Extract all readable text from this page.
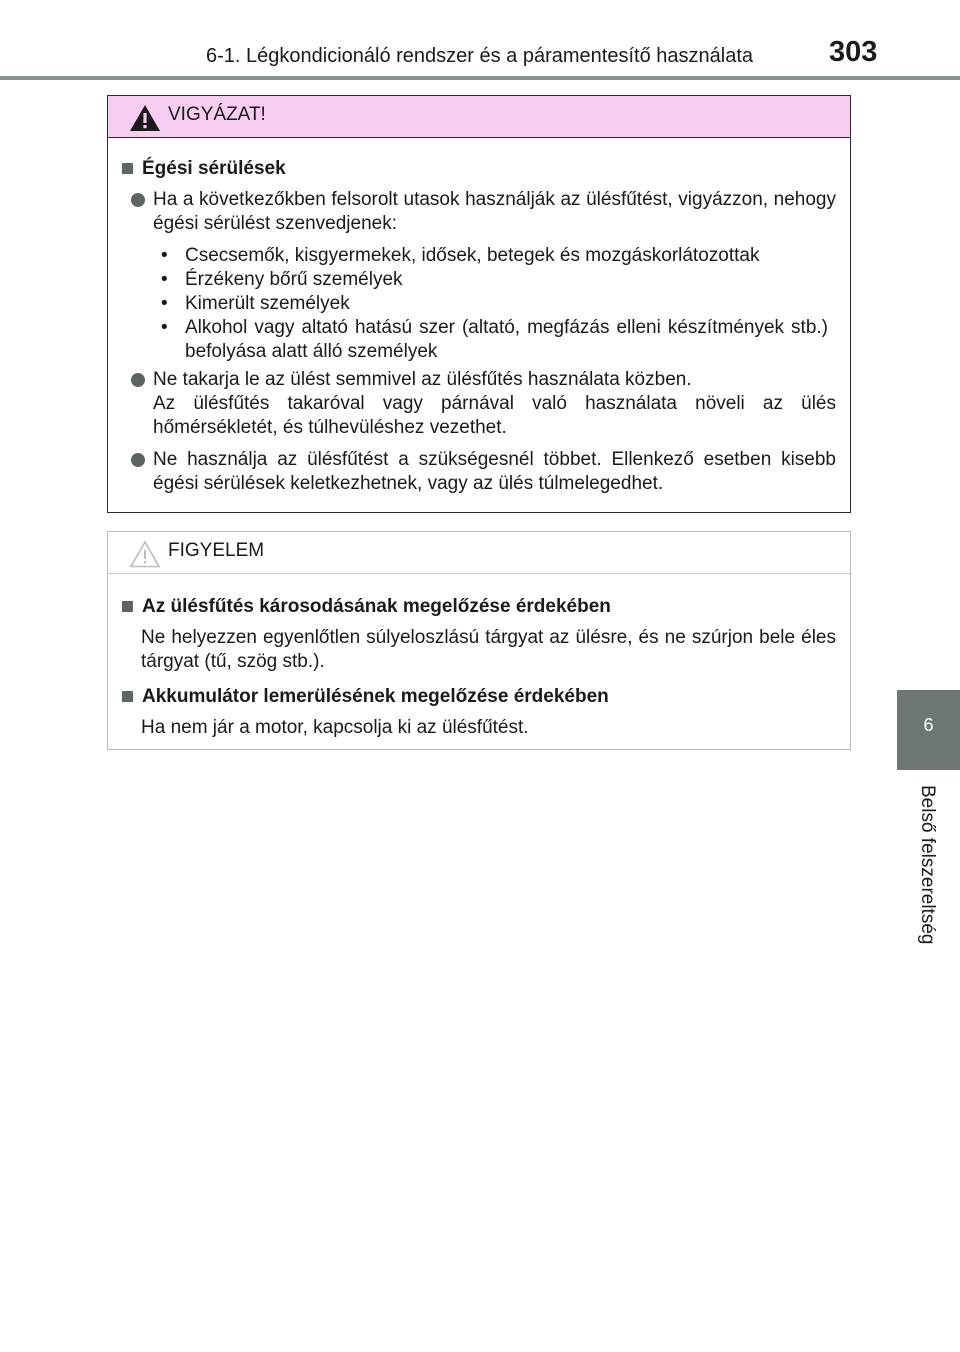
6-1. Légkondicionáló rendszer és a páramentesítő használata	303
6
Belső felszereltség
VIGYÁZAT!
Égési sérülések
Ha a következőkben felsorolt utasok használják az ülésfűtést, vigyázzon, nehogy égési sérülést szenvedjenek:
• Csecsemők, kisgyermekek, idősek, betegek és mozgáskorlátozottak
• Érzékeny bőrű személyek
• Kimerült személyek
• Alkohol vagy altató hatású szer (altató, megfázás elleni készítmények stb.) befolyása alatt álló személyek
Ne takarja le az ülést semmivel az ülésfűtés használata közben.
Az ülésfűtés takaróval vagy párnával való használata növeli az ülés hőmérsékletét, és túlhevüléshez vezethet.
Ne használja az ülésfűtést a szükségesnél többet. Ellenkező esetben kisebb égési sérülések keletkezhetnek, vagy az ülés túlmelegedhet.
FIGYELEM
Az ülésfűtés károsodásának megelőzése érdekében
Ne helyezzen egyenlőtlen súlyeloszlású tárgyat az ülésre, és ne szúrjon bele éles tárgyat (tű, szög stb.).
Akkumulátor lemerülésének megelőzése érdekében
Ha nem jár a motor, kapcsolja ki az ülésfűtést.
